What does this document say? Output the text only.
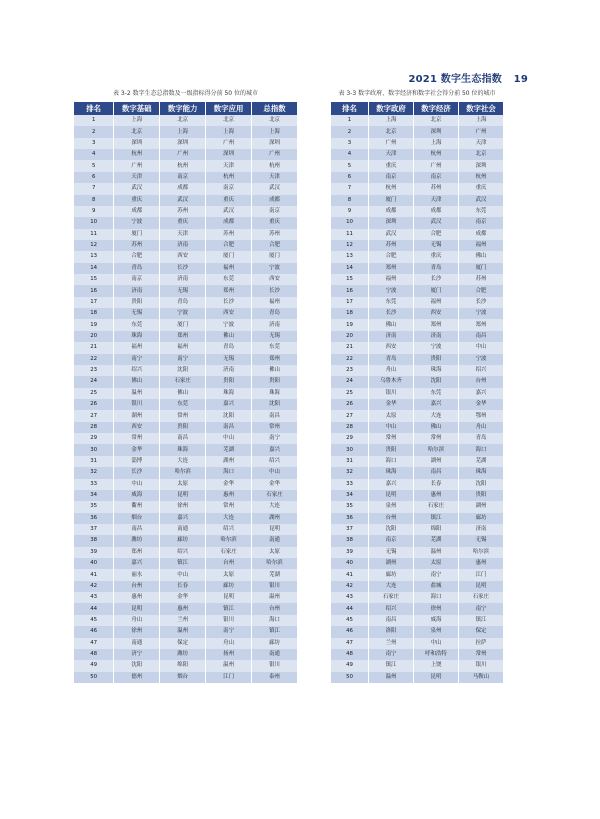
2021 数字生态指数 19
表 3-2 数字生态总指数及一级指标得分前 50 位的城市
排名	数字基础	数字能力	数字应用	总指数
1	上海	北京	北京	北京
2	北京	上海	上海	上海
3	深圳	深圳	广州	深圳
4	杭州	广州	深圳	广州
5	广州	杭州	天津	杭州
6	天津	南京	杭州	天津
7	武汉	成都	南京	武汉
8	重庆	武汉	重庆	成都
9	成都	苏州	武汉	南京
10	宁波	重庆	成都	重庆
11	厦门	天津	苏州	苏州
12	苏州	济南	合肥	合肥
13	合肥	西安	厦门	厦门
14	青岛	长沙	福州	宁波
15	南京	济南	东莞	西安
16	济南	无锡	郑州	长沙
17	贵阳	青岛	长沙	福州
18	无锡	宁波	西安	青岛
19	东莞	厦门	宁波	济南
20	珠海	郑州	佛山	无锡
21	福州	福州	青岛	东莞
22	南宁	南宁	无锡	郑州
23	绍兴	沈阳	济南	佛山
24	佛山	石家庄	贵阳	贵阳
25	温州	佛山	珠海	珠海
26	银川	东莞	嘉兴	沈阳
27	湖州	常州	沈阳	南昌
28	西安	贵阳	南昌	常州
29	常州	南昌	中山	南宁
30	金华	珠海	芜湖	嘉兴
31	淄博	大连	湖州	绍兴
32	长沙	哈尔滨	海口	中山
33	中山	太原	金华	金华
34	威海	昆明	惠州	石家庄
35	衢州	徐州	常州	大连
36	烟台	嘉兴	大连	湖州
37	南昌	南通	绍兴	昆明
38	潍坊	廊坊	哈尔滨	南通
39	郑州	绍兴	石家庄	太原
40	嘉兴	镇江	台州	哈尔滨
41	丽水	中山	太原	芜湖
42	台州	长春	廊坊	银川
43	惠州	金华	昆明	温州
44	昆明	惠州	镇江	台州
45	舟山	兰州	银川	海口
46	徐州	温州	南宁	镇江
47	南通	保定	舟山	廊坊
48	济宁	潍坊	扬州	南通
49	沈阳	绵阳	温州	银川
50	德州	烟台	江门	泰州
表 3-3 数字政府、数字经济和数字社会得分前 50 位的城市
排名	数字政府	数字经济	数字社会
1	上海	北京	上海
2	北京	深圳	广州
3	广州	上海	天津
4	天津	杭州	北京
5	重庆	广州	深圳
6	南京	南京	杭州
7	杭州	苏州	重庆
8	厦门	天津	武汉
9	成都	成都	东莞
10	深圳	武汉	南京
11	武汉	合肥	成都
12	苏州	无锡	福州
13	合肥	重庆	佛山
14	郑州	青岛	厦门
15	福州	长沙	苏州
16	宁波	厦门	合肥
17	东莞	福州	长沙
18	长沙	西安	宁波
19	佛山	郑州	郑州
20	济南	济南	南昌
21	西安	宁波	中山
22	青岛	贵阳	宁波
23	舟山	珠海	绍兴
24	乌鲁木齐	沈阳	台州
25	银川	东莞	嘉兴
26	金华	嘉兴	金华
27	太原	大连	鄂州
28	中山	佛山	舟山
29	常州	常州	青岛
30	贵阳	哈尔滨	海口
31	海口	湖州	芜湖
32	珠海	南昌	珠海
33	嘉兴	长春	沈阳
34	昆明	惠州	贵阳
35	泉州	石家庄	湖州
36	台州	镇江	廊坊
37	沈阳	绵阳	济南
38	南京	芜湖	无锡
39	无锡	温州	哈尔滨
40	湖州	太原	惠州
41	廊坊	南宁	江门
42	大连	盐城	昆明
43	石家庄	海口	石家庄
44	绍兴	徐州	南宁
45	南昌	威海	镇江
46	洛阳	泉州	保定
47	兰州	中山	拉萨
48	南宁	呼和浩特	常州
49	镇江	上饶	银川
50	温州	昆明	马鞍山
